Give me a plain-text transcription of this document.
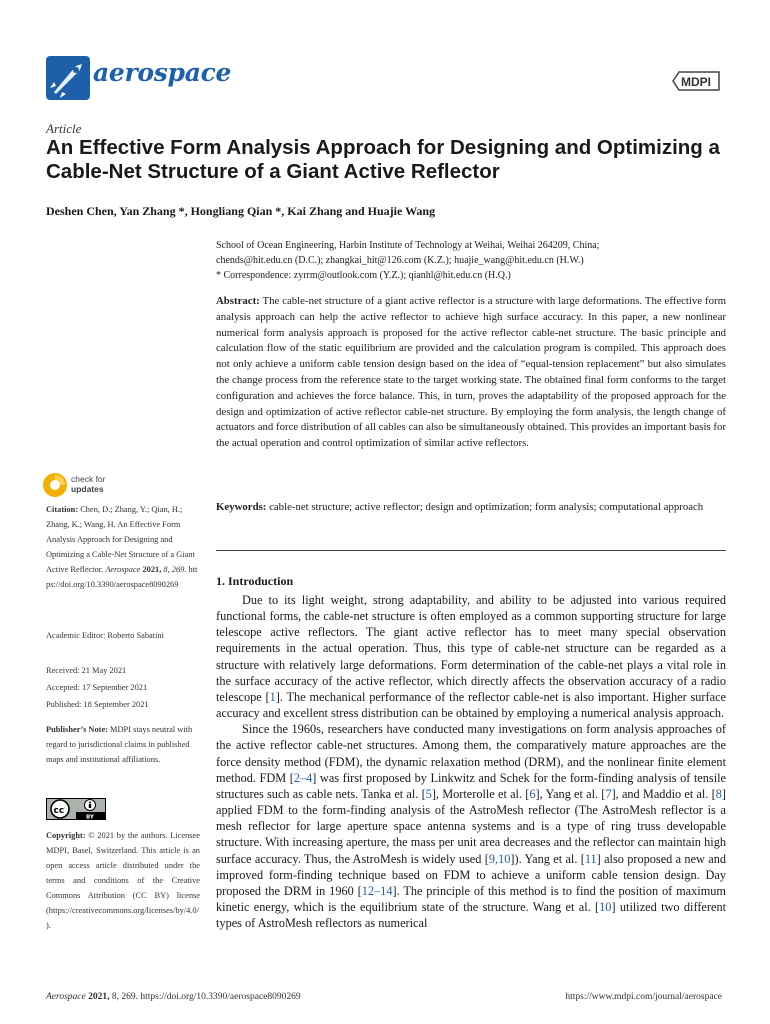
aerospace	MDPI
Article
An Effective Form Analysis Approach for Designing and Optimizing a Cable-Net Structure of a Giant Active Reflector
Deshen Chen, Yan Zhang *, Hongliang Qian *, Kai Zhang and Huajie Wang
School of Ocean Engineering, Harbin Institute of Technology at Weihai, Weihai 264209, China;
chends@hit.edu.cn (D.C.); zhangkai_hit@126.com (K.Z.); huajie_wang@hit.edu.cn (H.W.)
* Correspondence: zyrrm@outlook.com (Y.Z.); qianhl@hit.edu.cn (H.Q.)
Abstract: The cable-net structure of a giant active reflector is a structure with large deformations. The effective form analysis approach can help the active reflector to achieve high surface accuracy. In this paper, a new nonlinear numerical form analysis approach is proposed for the active reflector cable-net structure. The basic principle and calculation flow of the static equilibrium are provided and the calculation program is compiled. This approach does not only achieve a uniform cable tension design based on the idea of “equal-tension replacement” but also simulates the change process from the reference state to the target working state. The obtained final form conforms to the target configuration and achieves the force balance. This, in turn, proves the adaptability of the proposed approach for the design and optimization of active reflector cable-net structure. By employing the form analysis, the length change of actuators and force distribution of all cables can also be simultaneously obtained. This provides an important basis for the actual operation and control optimization of similar active reflectors.
Keywords: cable-net structure; active reflector; design and optimization; form analysis; computational approach
check for
updates
Citation: Chen, D.; Zhang, Y.; Qian, H.; Zhang, K.; Wang, H. An Effective Form Analysis Approach for Designing and Optimizing a Cable-Net Structure of a Giant Active Reflector. Aerospace 2021, 8, 269. https://doi.org/10.3390/aerospace8090269
Academic Editor: Roberto Sabatini
Received: 21 May 2021
Accepted: 17 September 2021
Published: 18 September 2021
Publisher’s Note: MDPI stays neutral with regard to jurisdictional claims in published maps and institutional affiliations.
cc
BY
Copyright: © 2021 by the authors. Licensee MDPI, Basel, Switzerland. This article is an open access article distributed under the terms and conditions of the Creative Commons Attribution (CC BY) license (https://creativecommons.org/licenses/by/4.0/).
1. Introduction

Due to its light weight, strong adaptability, and ability to be adjusted into various required functional forms, the cable-net structure is often employed as a common supporting structure for large telescope active reflectors. The giant active reflector has to meet many special observation requirements in the actual operation. Thus, this type of cable-net structure can be regarded as a structure with relatively large deformations. Form determination of the cable-net plays a vital role in the surface accuracy of the active reflector, which directly affects the observation accuracy of a radio telescope [1]. The mechanical performance of the reflector cable-net is also important. Higher surface accuracy and excellent stress distribution can be obtained by employing a numerical analysis approach.

Since the 1960s, researchers have conducted many investigations on form analysis approaches of the active reflector cable-net structures. Among them, the comparatively mature approaches are the force density method (FDM), the dynamic relaxation method (DRM), and the nonlinear finite element method. FDM [2–4] was first proposed by Linkwitz and Schek for the form-finding analysis of tensile structures such as cable nets. Tanka et al. [5], Morterolle et al. [6], Yang et al. [7], and Maddio et al. [8] applied FDM to the form-finding analysis of the AstroMesh reflector (The AstroMesh reflector is a mesh reflector for large aperture space antenna systems and is a type of ring truss developable structure. With increasing aperture, the mass per unit area decreases and the reflector can maintain high surface accuracy. Thus, the AstroMesh is widely used [9,10]). Yang et al. [11] also proposed a new and improved form-finding technique based on FDM to achieve a uniform cable tension design. Day proposed the DRM in 1960 [12–14]. The principle of this method is to find the position of maximum kinetic energy, which is the equilibrium state of the structure. Wang et al. [10] utilized two different types of AstroMesh reflectors as numerical

Aerospace 2021, 8, 269. https://doi.org/10.3390/aerospace8090269	https://www.mdpi.com/journal/aerospace
